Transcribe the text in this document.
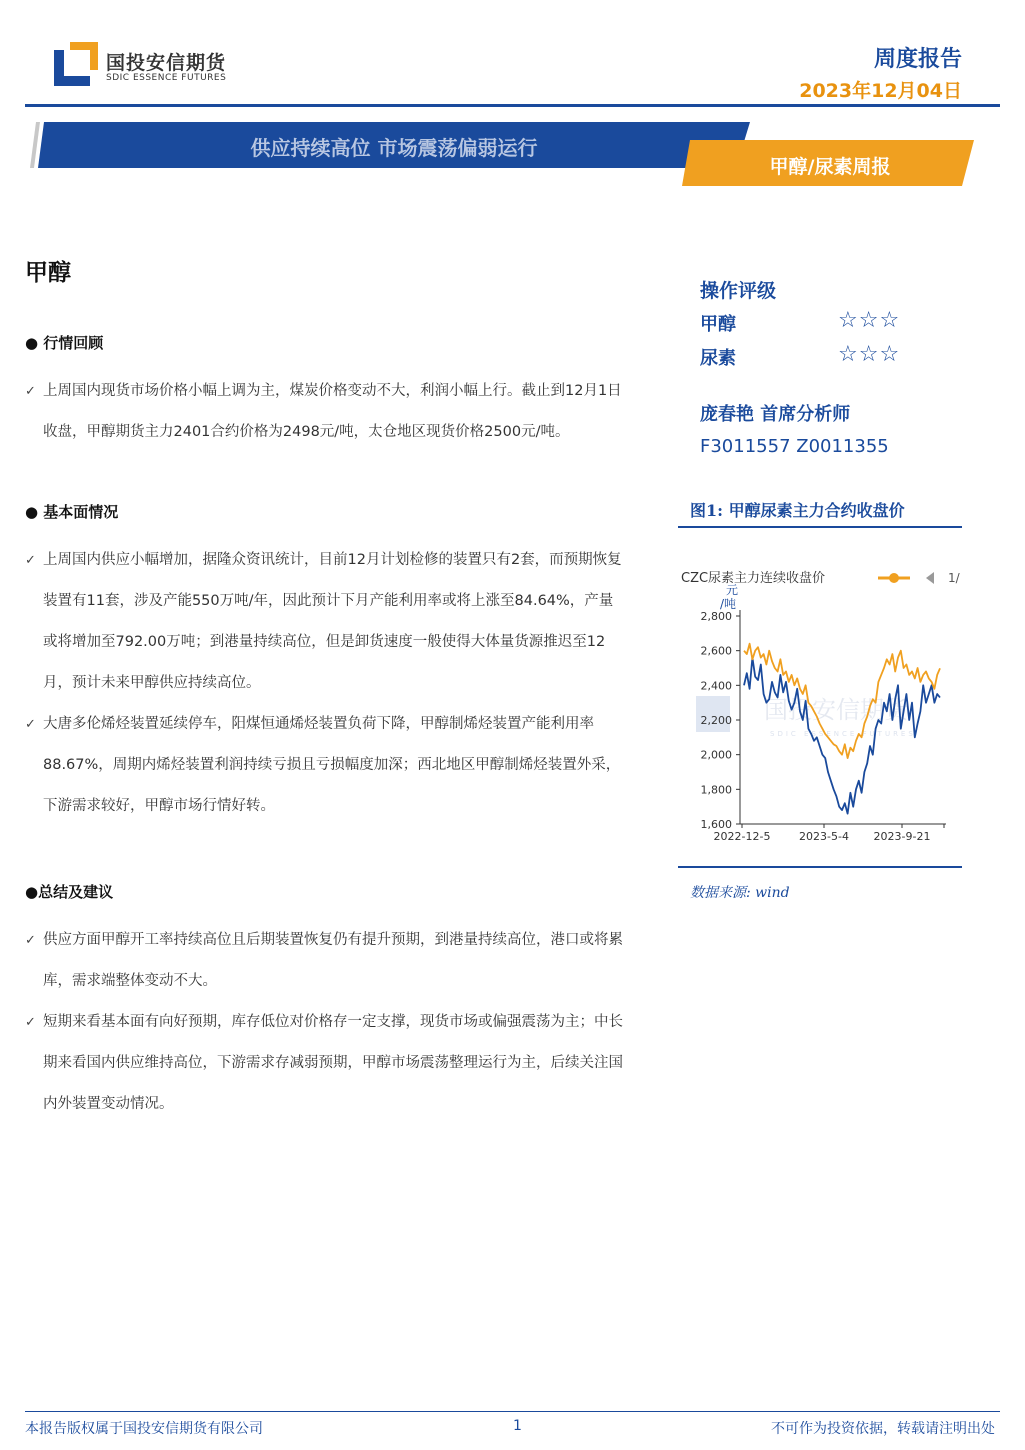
国投安信期货
SDIC ESSENCE FUTURES
周度报告
2023年12月04日
供应持续高位 市场震荡偏弱运行
甲醇/尿素周报
甲醇
● 行情回顾
✓ 上周国内现货市场价格小幅上调为主，煤炭价格变动不大，利润小幅上行。截止到12月1日收盘，甲醇期货主力2401合约价格为2498元/吨，太仓地区现货价格2500元/吨。
● 基本面情况
✓ 上周国内供应小幅增加，据隆众资讯统计，目前12月计划检修的装置只有2套，而预期恢复装置有11套，涉及产能550万吨/年，因此预计下月产能利用率或将上涨至84.64%，产量或将增加至792.00万吨；到港量持续高位，但是卸货速度一般使得大体量货源推迟至12月，预计未来甲醇供应持续高位。
✓ 大唐多伦烯烃装置延续停车，阳煤恒通烯烃装置负荷下降，甲醇制烯烃装置产能利用率88.67%，周期内烯烃装置利润持续亏损且亏损幅度加深；西北地区甲醇制烯烃装置外采，下游需求较好，甲醇市场行情好转。
●总结及建议
✓ 供应方面甲醇开工率持续高位且后期装置恢复仍有提升预期，到港量持续高位，港口或将累库，需求端整体变动不大。
✓ 短期来看基本面有向好预期，库存低位对价格存一定支撑，现货市场或偏强震荡为主；中长期来看国内供应维持高位，下游需求存减弱预期，甲醇市场震荡整理运行为主，后续关注国内外装置变动情况。
操作评级
甲醇	☆☆☆
尿素	☆☆☆
庞春艳 首席分析师
F3011557 Z0011355
图1: 甲醇尿素主力合约收盘价
国投安信期货
SDIC ESSENCE FUTURES
CZC尿素主力连续收盘价	1/
元
/吨
1,600
1,800
2,000
2,200
2,400
2,600
2,800
2022-12-5	2023-5-4 2023-9-21
数据来源: wind
本报告版权属于国投安信期货有限公司	1	不可作为投资依据，转载请注明出处
